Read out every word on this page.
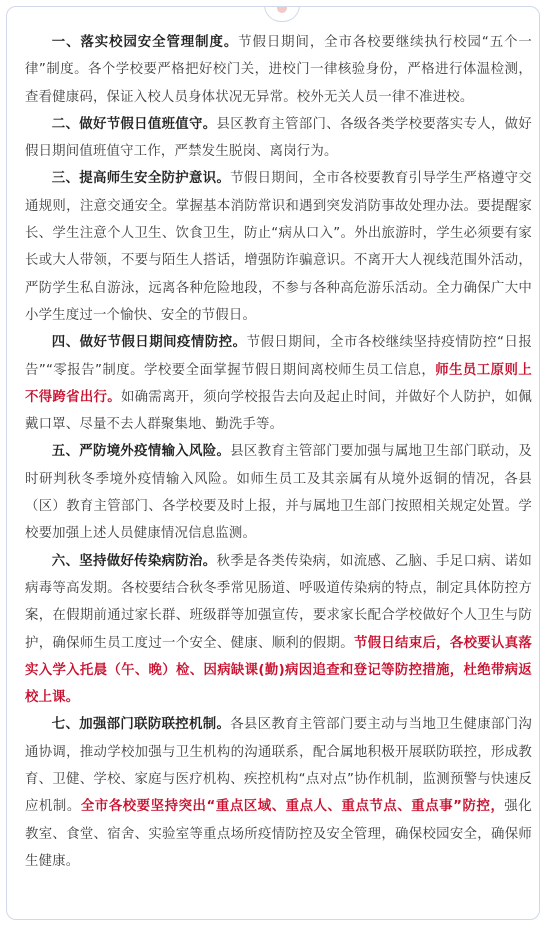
一、落实校园安全管理制度。节假日期间，全市各校要继续执行校园“五个一律”制度。各个学校要严格把好校门关，进校门一律核验身份，严格进行体温检测，查看健康码，保证入校人员身体状况无异常。校外无关人员一律不准进校。

二、做好节假日值班值守。县区教育主管部门、各级各类学校要落实专人，做好假日期间值班值守工作，严禁发生脱岗、离岗行为。

三、提高师生安全防护意识。节假日期间，全市各校要教育引导学生严格遵守交通规则，注意交通安全。掌握基本消防常识和遇到突发消防事故处理办法。要提醒家长、学生注意个人卫生、饮食卫生，防止“病从口入”。外出旅游时，学生必须要有家长或大人带领，不要与陌生人搭话，增强防诈骗意识。不离开大人视线范围外活动，严防学生私自游泳，远离各种危险地段，不参与各种高危游乐活动。全力确保广大中小学生度过一个愉快、安全的节假日。

四、做好节假日期间疫情防控。节假日期间，全市各校继续坚持疫情防控“日报告”“零报告”制度。学校要全面掌握节假日期间离校师生员工信息，师生员工原则上不得跨省出行。如确需离开，须向学校报告去向及起止时间，并做好个人防护，如佩戴口罩、尽量不去人群聚集地、勤洗手等。

五、严防境外疫情输入风险。县区教育主管部门要加强与属地卫生部门联动，及时研判秋冬季境外疫情输入风险。如师生员工及其亲属有从境外返铜的情况，各县（区）教育主管部门、各学校要及时上报，并与属地卫生部门按照相关规定处置。学校要加强上述人员健康情况信息监测。

六、坚持做好传染病防治。秋季是各类传染病，如流感、乙脑、手足口病、诺如病毒等高发期。各校要结合秋冬季常见肠道、呼吸道传染病的特点，制定具体防控方案，在假期前通过家长群、班级群等加强宣传，要求家长配合学校做好个人卫生与防护，确保师生员工度过一个安全、健康、顺利的假期。节假日结束后，各校要认真落实入学入托晨（午、晚）检、因病缺课(勤)病因追查和登记等防控措施，杜绝带病返校上课。

七、加强部门联防联控机制。各县区教育主管部门要主动与当地卫生健康部门沟通协调，推动学校加强与卫生机构的沟通联系，配合属地积极开展联防联控，形成教育、卫健、学校、家庭与医疗机构、疾控机构“点对点”协作机制，监测预警与快速反应机制。全市各校要坚持突出“重点区域、重点人、重点节点、重点事”防控，强化教室、食堂、宿舍、实验室等重点场所疫情防控及安全管理，确保校园安全，确保师生健康。
